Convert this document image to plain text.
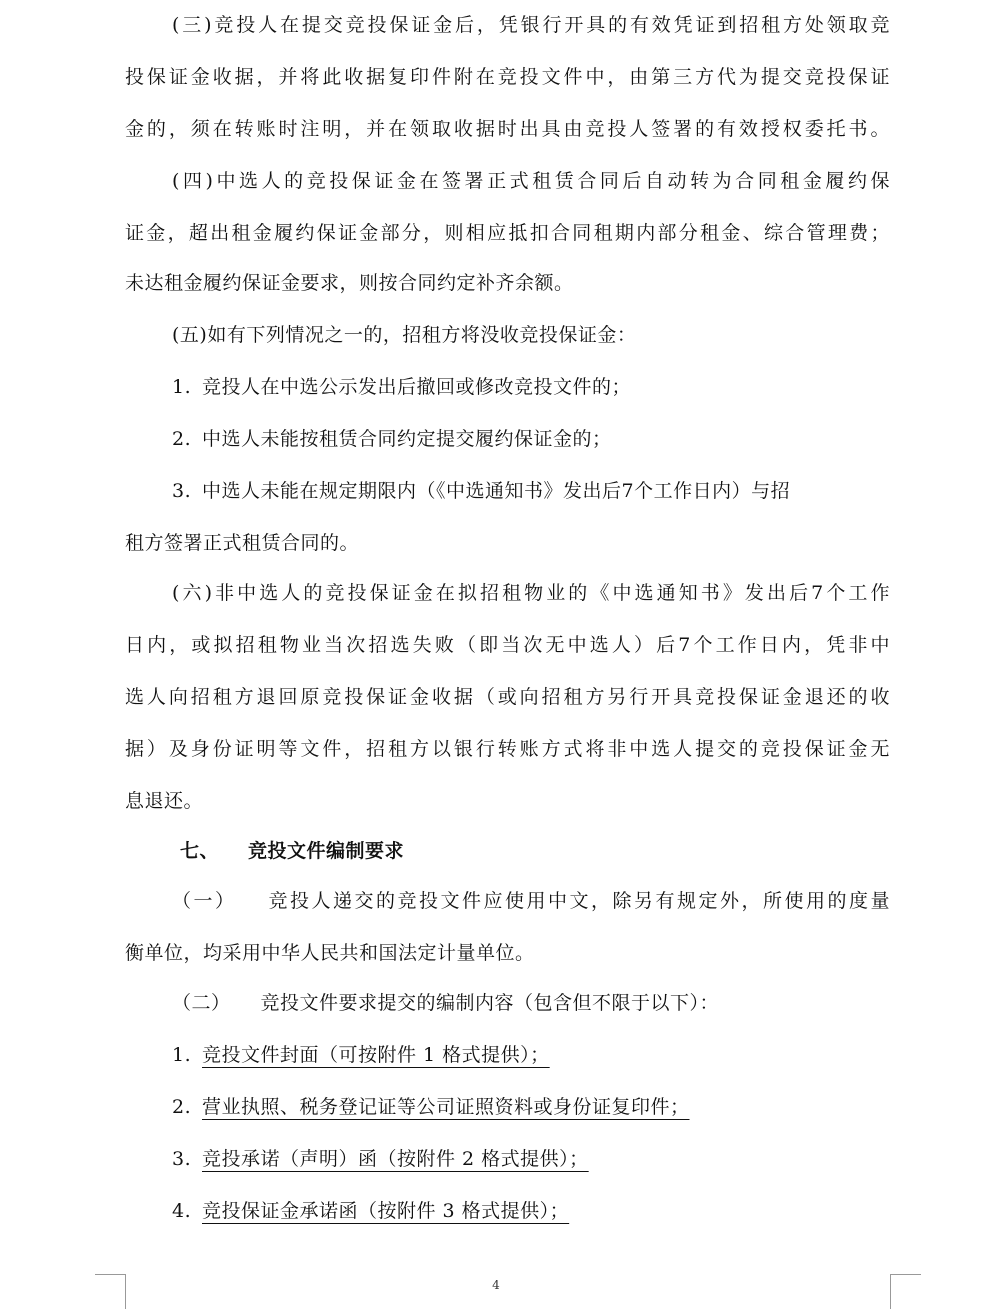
(三)竞投人在提交竞投保证金后，凭银行开具的有效凭证到招租方处领取竞
投保证金收据，并将此收据复印件附在竞投文件中，由第三方代为提交竞投保证
金的，须在转账时注明，并在领取收据时出具由竞投人签署的有效授权委托书。
(四)中选人的竞投保证金在签署正式租赁合同后自动转为合同租金履约保
证金，超出租金履约保证金部分，则相应抵扣合同租期内部分租金、综合管理费；
未达租金履约保证金要求，则按合同约定补齐余额。
(五)如有下列情况之一的，招租方将没收竞投保证金：
1. 竞投人在中选公示发出后撤回或修改竞投文件的；
2. 中选人未能按租赁合同约定提交履约保证金的；
3. 中选人未能在规定期限内（《中选通知书》发出后7个工作日内）与招
租方签署正式租赁合同的。
(六)非中选人的竞投保证金在拟招租物业的《中选通知书》发出后7个工作
日内，或拟招租物业当次招选失败（即当次无中选人）后7个工作日内，凭非中
选人向招租方退回原竞投保证金收据（或向招租方另行开具竞投保证金退还的收
据）及身份证明等文件，招租方以银行转账方式将非中选人提交的竞投保证金无
息退还。
七、 竞投文件编制要求
（一） 竞投人递交的竞投文件应使用中文，除另有规定外，所使用的度量
衡单位，均采用中华人民共和国法定计量单位。
（二） 竞投文件要求提交的编制内容（包含但不限于以下）：
1. 竞投文件封面（可按附件 1 格式提供）；
2. 营业执照、税务登记证等公司证照资料或身份证复印件；
3. 竞投承诺（声明）函（按附件 2 格式提供）；
4. 竞投保证金承诺函（按附件 3 格式提供）；
4
